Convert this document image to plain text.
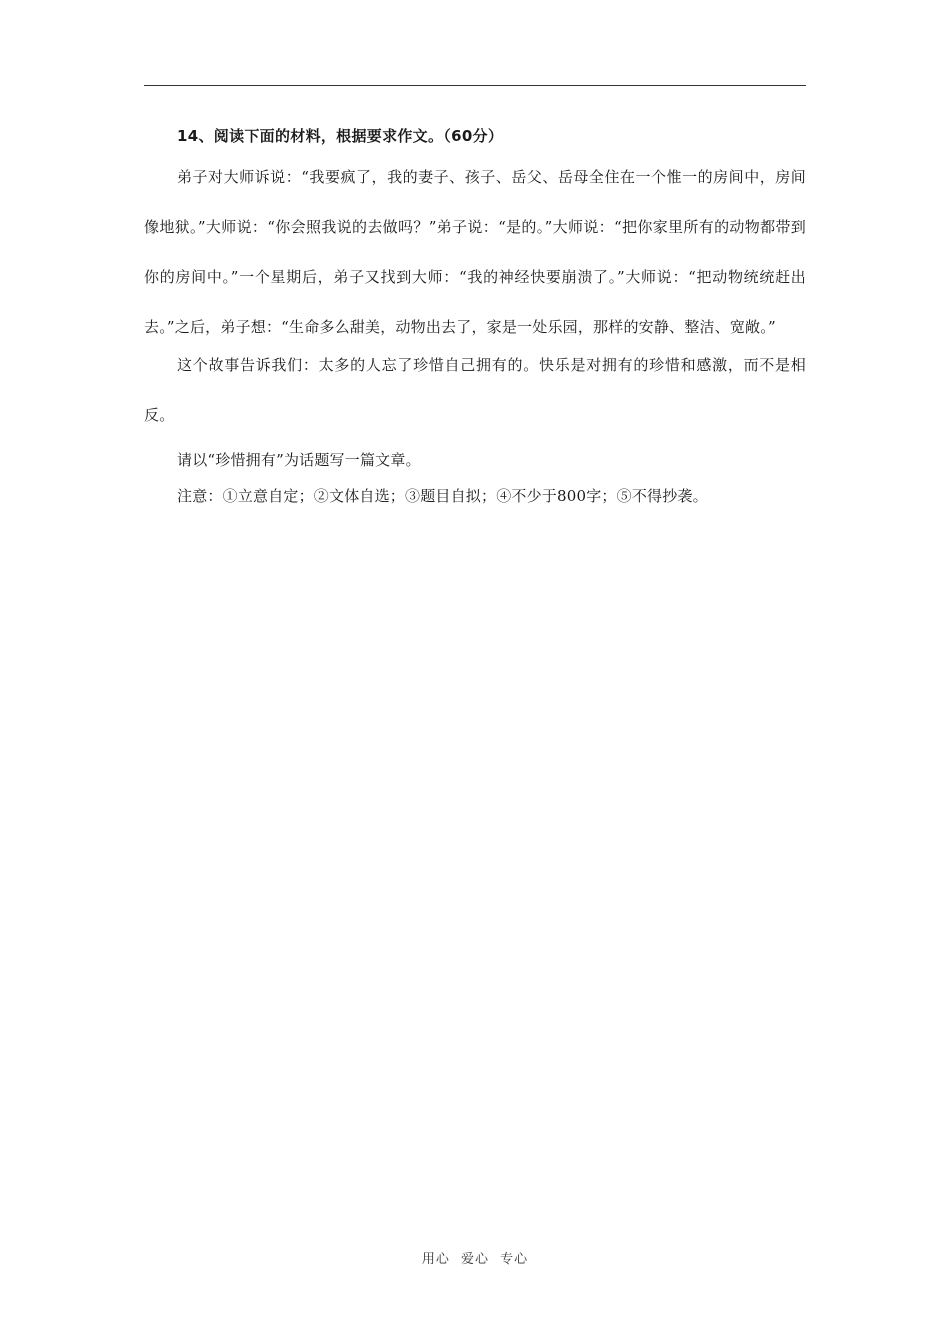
14、阅读下面的材料，根据要求作文。（60分）

弟子对大师诉说：“我要疯了，我的妻子、孩子、岳父、岳母全住在一个惟一的房间中，房间像地狱。”大师说：“你会照我说的去做吗？”弟子说：“是的。”大师说：“把你家里所有的动物都带到你的房间中。”一个星期后，弟子又找到大师：“我的神经快要崩溃了。”大师说：“把动物统统赶出去。”之后，弟子想：“生命多么甜美，动物出去了，家是一处乐园，那样的安静、整洁、宽敞。”

这个故事告诉我们：太多的人忘了珍惜自己拥有的。快乐是对拥有的珍惜和感激，而不是相反。

请以“珍惜拥有”为话题写一篇文章。

注意：①立意自定；②文体自选；③题目自拟；④不少于800字；⑤不得抄袭。

用心 爱心 专心
